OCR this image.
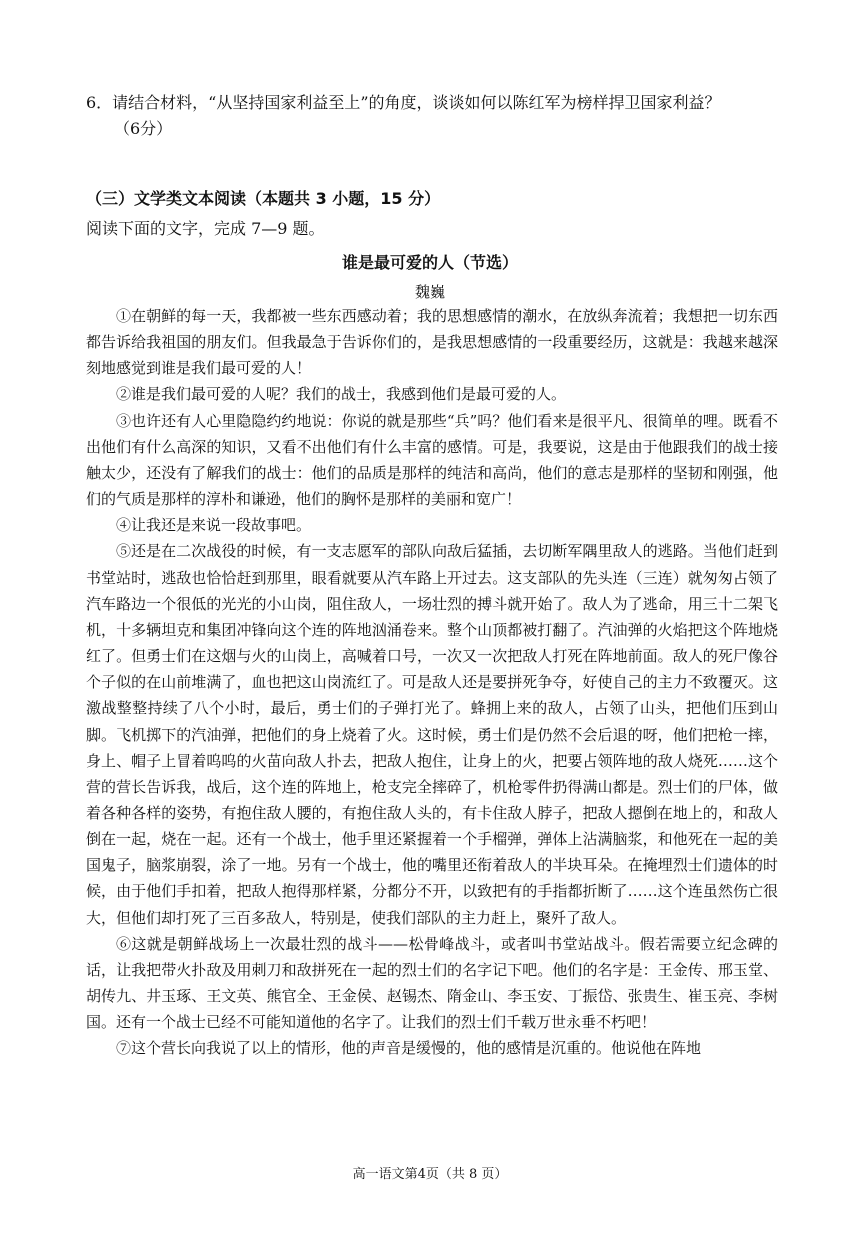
6．请结合材料，“从坚持国家利益至上”的角度，谈谈如何以陈红军为榜样捍卫国家利益？
（6分）
（三）文学类文本阅读（本题共 3 小题，15 分）
阅读下面的文字，完成 7—9 题。
谁是最可爱的人（节选）
魏巍

①在朝鲜的每一天，我都被一些东西感动着；我的思想感情的潮水，在放纵奔流着；我想把一切东西都告诉给我祖国的朋友们。但我最急于告诉你们的，是我思想感情的一段重要经历，这就是：我越来越深刻地感觉到谁是我们最可爱的人！

②谁是我们最可爱的人呢？我们的战士，我感到他们是最可爱的人。

③也许还有人心里隐隐约约地说：你说的就是那些“兵”吗？他们看来是很平凡、很简单的哩。既看不出他们有什么高深的知识，又看不出他们有什么丰富的感情。可是，我要说，这是由于他跟我们的战士接触太少，还没有了解我们的战士：他们的品质是那样的纯洁和高尚，他们的意志是那样的坚韧和刚强，他们的气质是那样的淳朴和谦逊，他们的胸怀是那样的美丽和宽广！

④让我还是来说一段故事吧。

⑤还是在二次战役的时候，有一支志愿军的部队向敌后猛插，去切断军隅里敌人的逃路。当他们赶到书堂站时，逃敌也恰恰赶到那里，眼看就要从汽车路上开过去。这支部队的先头连（三连）就匆匆占领了汽车路边一个很低的光光的小山岗，阻住敌人，一场壮烈的搏斗就开始了。敌人为了逃命，用三十二架飞机，十多辆坦克和集团冲锋向这个连的阵地汹涌卷来。整个山顶都被打翻了。汽油弹的火焰把这个阵地烧红了。但勇士们在这烟与火的山岗上，高喊着口号，一次又一次把敌人打死在阵地前面。敌人的死尸像谷个子似的在山前堆满了，血也把这山岗流红了。可是敌人还是要拼死争夺，好使自己的主力不致覆灭。这激战整整持续了八个小时，最后，勇士们的子弹打光了。蜂拥上来的敌人，占领了山头，把他们压到山脚。飞机掷下的汽油弹，把他们的身上烧着了火。这时候，勇士们是仍然不会后退的呀，他们把枪一摔，身上、帽子上冒着呜呜的火苗向敌人扑去，把敌人抱住，让身上的火，把要占领阵地的敌人烧死……这个营的营长告诉我，战后，这个连的阵地上，枪支完全摔碎了，机枪零件扔得满山都是。烈士们的尸体，做着各种各样的姿势，有抱住敌人腰的，有抱住敌人头的，有卡住敌人脖子，把敌人摁倒在地上的，和敌人倒在一起，烧在一起。还有一个战士，他手里还紧握着一个手榴弹，弹体上沾满脑浆，和他死在一起的美国鬼子，脑浆崩裂，涂了一地。另有一个战士，他的嘴里还衔着敌人的半块耳朵。在掩埋烈士们遗体的时候，由于他们手扣着，把敌人抱得那样紧，分都分不开，以致把有的手指都折断了……这个连虽然伤亡很大，但他们却打死了三百多敌人，特别是，使我们部队的主力赶上，聚歼了敌人。

⑥这就是朝鲜战场上一次最壮烈的战斗——松骨峰战斗，或者叫书堂站战斗。假若需要立纪念碑的话，让我把带火扑敌及用刺刀和敌拼死在一起的烈士们的名字记下吧。他们的名字是：王金传、邢玉堂、胡传九、井玉琢、王文英、熊官全、王金侯、赵锡杰、隋金山、李玉安、丁振岱、张贵生、崔玉亮、李树国。还有一个战士已经不可能知道他的名字了。让我们的烈士们千载万世永垂不朽吧！

⑦这个营长向我说了以上的情形，他的声音是缓慢的，他的感情是沉重的。他说他在阵地

高一语文第4页（共 8 页）
